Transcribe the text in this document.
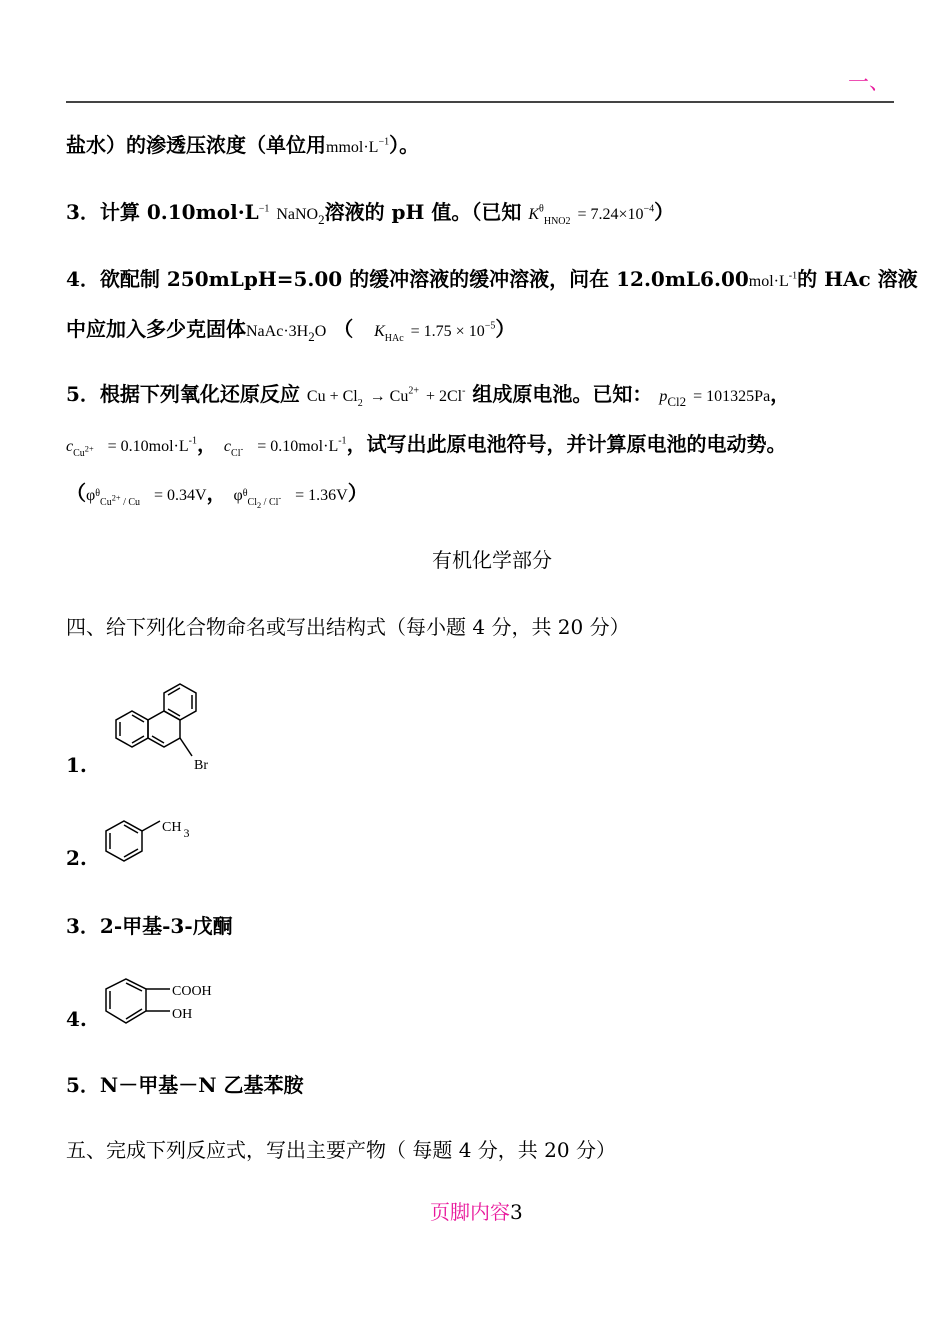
一、
盐水）的渗透压浓度（单位用$mmol\cdot L^{-1}$）。
3．计算 $0.10mol\cdot L^{-1}$ NaNO$_2$溶液的 pH 值。（已知 $K^\theta_{HNO2} = 7.24\times 10^{-4}$）
4．欲配制 250mLpH=5.00 的缓冲溶液的缓冲溶液，问在 $12.0mL6.00mol\cdot L^{-1}$的 HAc 溶液
中应加入多少克固体$NaAc\cdot 3H_2O$ （ $K_{HAc} = 1.75 \times 10^{-5}$）
5．根据下列氧化还原反应 $Cu + Cl_2 \to Cu^{2+} + 2Cl^-$ 组成原电池。已知： $p_{Cl2} = 101325Pa$，
$c_{Cu^{2+}} = 0.10mol\cdot L^{-1}$， $c_{Cl^-} = 0.10mol\cdot L^{-1}$，试写出此原电池符号，并计算原电池的电动势。
（$\varphi^\theta_{Cu^{2+} / Cu} = 0.34V$， $\varphi^\theta_{Cl_2 / Cl^-} = 1.36V$）
有机化学部分
四、给下列化合物命名或写出结构式（每小题 4 分，共 20 分）
1.	Br
2.
CH 3
3．2-甲基-3-戊酮
4.
COOH
OH
5．N－甲基－N 乙基苯胺
五、完成下列反应式，写出主要产物（ 每题 4 分，共 20 分）
页脚内容3
